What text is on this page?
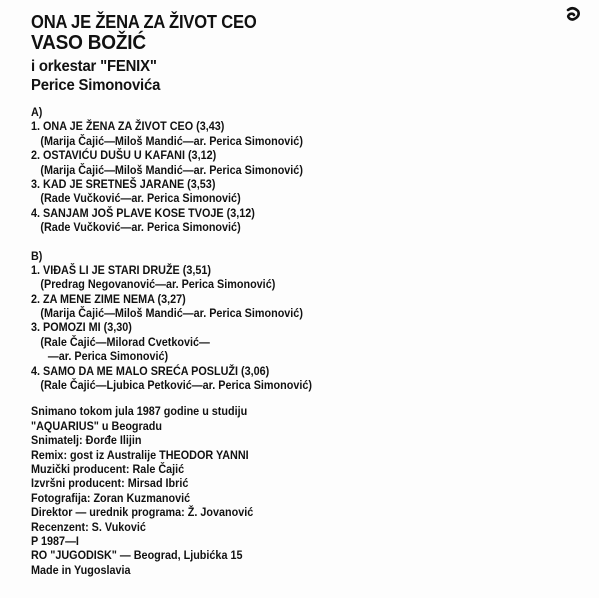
ONA JE ŽENA ZA ŽIVOT CEO
VASO BOŽIĆ
i orkestar "FENIX"
Perice Simonovića
A)
1. ONA JE ŽENA ZA ŽIVOT CEO (3,43)
(Marija Čajić—Miloš Mandić—ar. Perica Simonović)
2. OSTAVIĆU DUŠU U KAFANI (3,12)
(Marija Čajić—Miloš Mandić—ar. Perica Simonović)
3. KAD JE SRETNEŠ JARANE (3,53)
(Rade Vučković—ar. Perica Simonović)
4. SANJAM JOŠ PLAVE KOSE TVOJE (3,12)
(Rade Vučković—ar. Perica Simonović)
B)
1. VIĐAŠ LI JE STARI DRUŽE (3,51)
(Predrag Negovanović—ar. Perica Simonović)
2. ZA MENE ZIME NEMA (3,27)
(Marija Čajić—Miloš Mandić—ar. Perica Simonović)
3. POMOZI MI (3,30)
(Rale Čajić—Milorad Cvetković—
—ar. Perica Simonović)
4. SAMO DA ME MALO SREĆA POSLUŽI (3,06)
(Rale Čajić—Ljubica Petković—ar. Perica Simonović)
Snimano tokom jula 1987 godine u studiju
"AQUARIUS" u Beogradu
Snimatelj: Đorđe Ilijin
Remix: gost iz Australije THEODOR YANNI
Muzički producent: Rale Čajić
Izvršni producent: Mirsad Ibrić
Fotografija: Zoran Kuzmanović
Direktor — urednik programa: Ž. Jovanović
Recenzent: S. Vuković
P 1987—I
RO "JUGODISK" — Beograd, Ljubićka 15
Made in Yugoslavia
